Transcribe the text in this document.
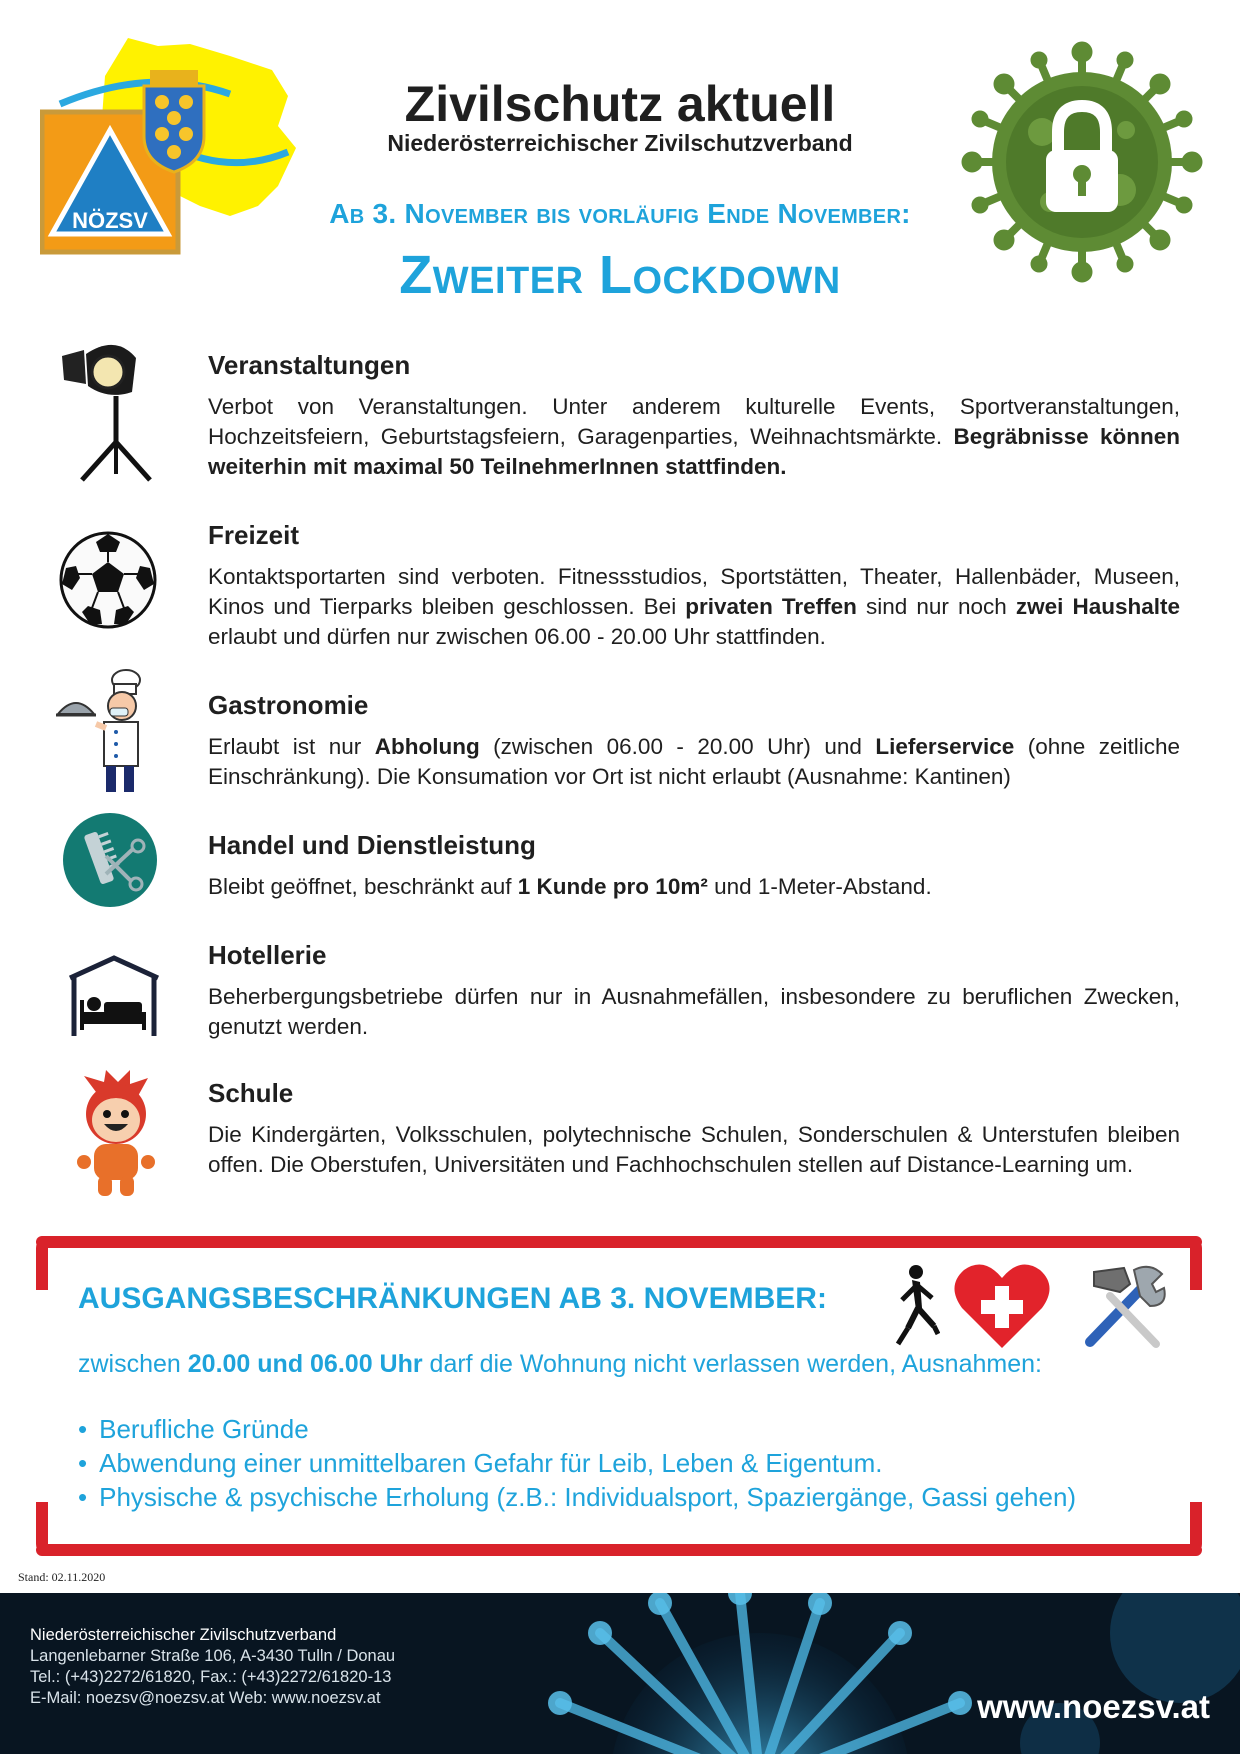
NÖZSV
Zivilschutz aktuell
Niederösterreichischer Zivilschutzverband
Ab 3. November bis vorläufig Ende November:
Zweiter Lockdown
Veranstaltungen

Verbot von Veranstaltungen. Unter anderem kulturelle Events, Sportveranstaltungen, Hochzeitsfeiern, Geburtstagsfeiern, Garagenparties, Weihnachtsmärkte. Begräbnisse können weiterhin mit maximal 50 TeilnehmerInnen stattfinden.

Freizeit

Kontaktsportarten sind verboten. Fitnessstudios, Sportstätten, Theater, Hallenbäder, Museen, Kinos und Tierparks bleiben geschlossen. Bei privaten Treffen sind nur noch zwei Haushalte erlaubt und dürfen nur zwischen 06.00 - 20.00 Uhr stattfinden.

Gastronomie

Erlaubt ist nur Abholung (zwischen 06.00 - 20.00 Uhr) und Lieferservice (ohne zeitliche Einschränkung). Die Konsumation vor Ort ist nicht erlaubt (Ausnahme: Kantinen)

Handel und Dienstleistung

Bleibt geöffnet, beschränkt auf 1 Kunde pro 10m² und 1-Meter-Abstand.

Hotellerie

Beherbergungsbetriebe dürfen nur in Ausnahmefällen, insbesondere zu beruflichen Zwecken, genutzt werden.

Schule

Die Kindergärten, Volksschulen, polytechnische Schulen, Sonderschulen & Unterstufen bleiben offen. Die Oberstufen, Universitäten und Fachhochschulen stellen auf Distance-Learning um.

AUSGANGSBESCHRÄNKUNGEN AB 3. NOVEMBER:
zwischen 20.00 und 06.00 Uhr darf die Wohnung nicht verlassen werden, Ausnahmen:
• Berufliche Gründe
• Abwendung einer unmittelbaren Gefahr für Leib, Leben & Eigentum.
• Physische & psychische Erholung (z.B.: Individualsport, Spaziergänge, Gassi gehen)
Stand: 02.11.2020
Niederösterreichischer Zivilschutzverband
Langenlebarner Straße 106, A-3430 Tulln / Donau
Tel.: (+43)2272/61820, Fax.: (+43)2272/61820-13
E-Mail: noezsv@noezsv.at Web: www.noezsv.at	www.noezsv.at
